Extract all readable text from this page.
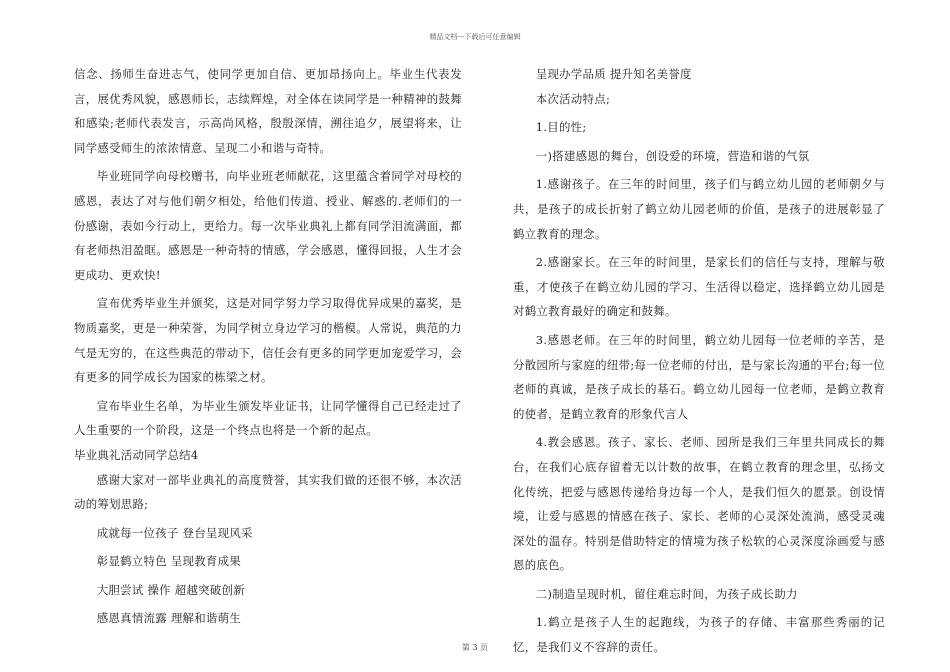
精品文档---下载后可任意编辑

信念、扬师生奋进志气，使同学更加自信、更加昂扬向上。毕业生代表发言，展优秀风貌，感恩师长，志续辉煌，对全体在读同学是一种精神的鼓舞和感染;老师代表发言，示高尚风格，殷殷深情，溯往追夕，展望将来，让同学感受师生的浓浓情意、呈现二小和谐与奇特。

毕业班同学向母校赠书，向毕业班老师献花，这里蕴含着同学对母校的感恩，表达了对与他们朝夕相处，给他们传道、授业、解惑的.老师们的一份感谢，表如今行动上，更给力。每一次毕业典礼上都有同学泪流满面，都有老师热泪盈眶。感恩是一种奇特的情感，学会感恩，懂得回报，人生才会更成功、更欢快!

宣布优秀毕业生并颁奖，这是对同学努力学习取得优异成果的嘉奖，是物质嘉奖，更是一种荣誉，为同学树立身边学习的楷模。人常说，典范的力气是无穷的，在这些典范的带动下，信任会有更多的同学更加宠爱学习，会有更多的同学成长为国家的栋梁之材。

宣布毕业生名单，为毕业生颁发毕业证书，让同学懂得自己已经走过了人生重要的一个阶段，这是一个终点也将是一个新的起点。

毕业典礼活动同学总结4

感谢大家对一部毕业典礼的高度赞誉，其实我们做的还很不够，本次活动的筹划思路;

成就每一位孩子 登台呈现风采

彰显鹤立特色 呈现教育成果

大胆尝试 操作 超越突破创新

感恩真情流露 理解和谐萌生

呈现办学品质 提升知名美誉度

本次活动特点;

1.目的性;

一)搭建感恩的舞台，创设爱的环境，营造和谐的气氛

1.感谢孩子。在三年的时间里，孩子们与鹤立幼儿园的老师朝夕与共，是孩子的成长折射了鹤立幼儿园老师的价值，是孩子的进展彰显了鹤立教育的理念。

2.感谢家长。在三年的时间里，是家长们的信任与支持，理解与敬重，才使孩子在鹤立幼儿园的学习、生活得以稳定，选择鹤立幼儿园是对鹤立教育最好的确定和鼓舞。

3.感恩老师。在三年的时间里，鹤立幼儿园每一位老师的辛苦，是分散园所与家庭的纽带;每一位老师的付出，是与家长沟通的平台;每一位老师的真诚，是孩子成长的基石。鹤立幼儿园每一位老师，是鹤立教育的使者，是鹤立教育的形象代言人

4.教会感恩。孩子、家长、老师、园所是我们三年里共同成长的舞台，在我们心底存留着无以计数的故事，在鹤立教育的理念里，弘扬文化传统，把爱与感恩传递给身边每一个人，是我们恒久的愿景。创设情境，让爱与感恩的情感在孩子、家长、老师的心灵深处流淌，感受灵魂深处的温存。特别是借助特定的情境为孩子松软的心灵深度涂画爱与感恩的底色。

二)制造呈现时机，留住难忘时间，为孩子成长助力

1.鹤立是孩子人生的起跑线，为孩子的存储、丰富那些秀丽的记忆，是我们义不容辞的责任。

第 3 页
